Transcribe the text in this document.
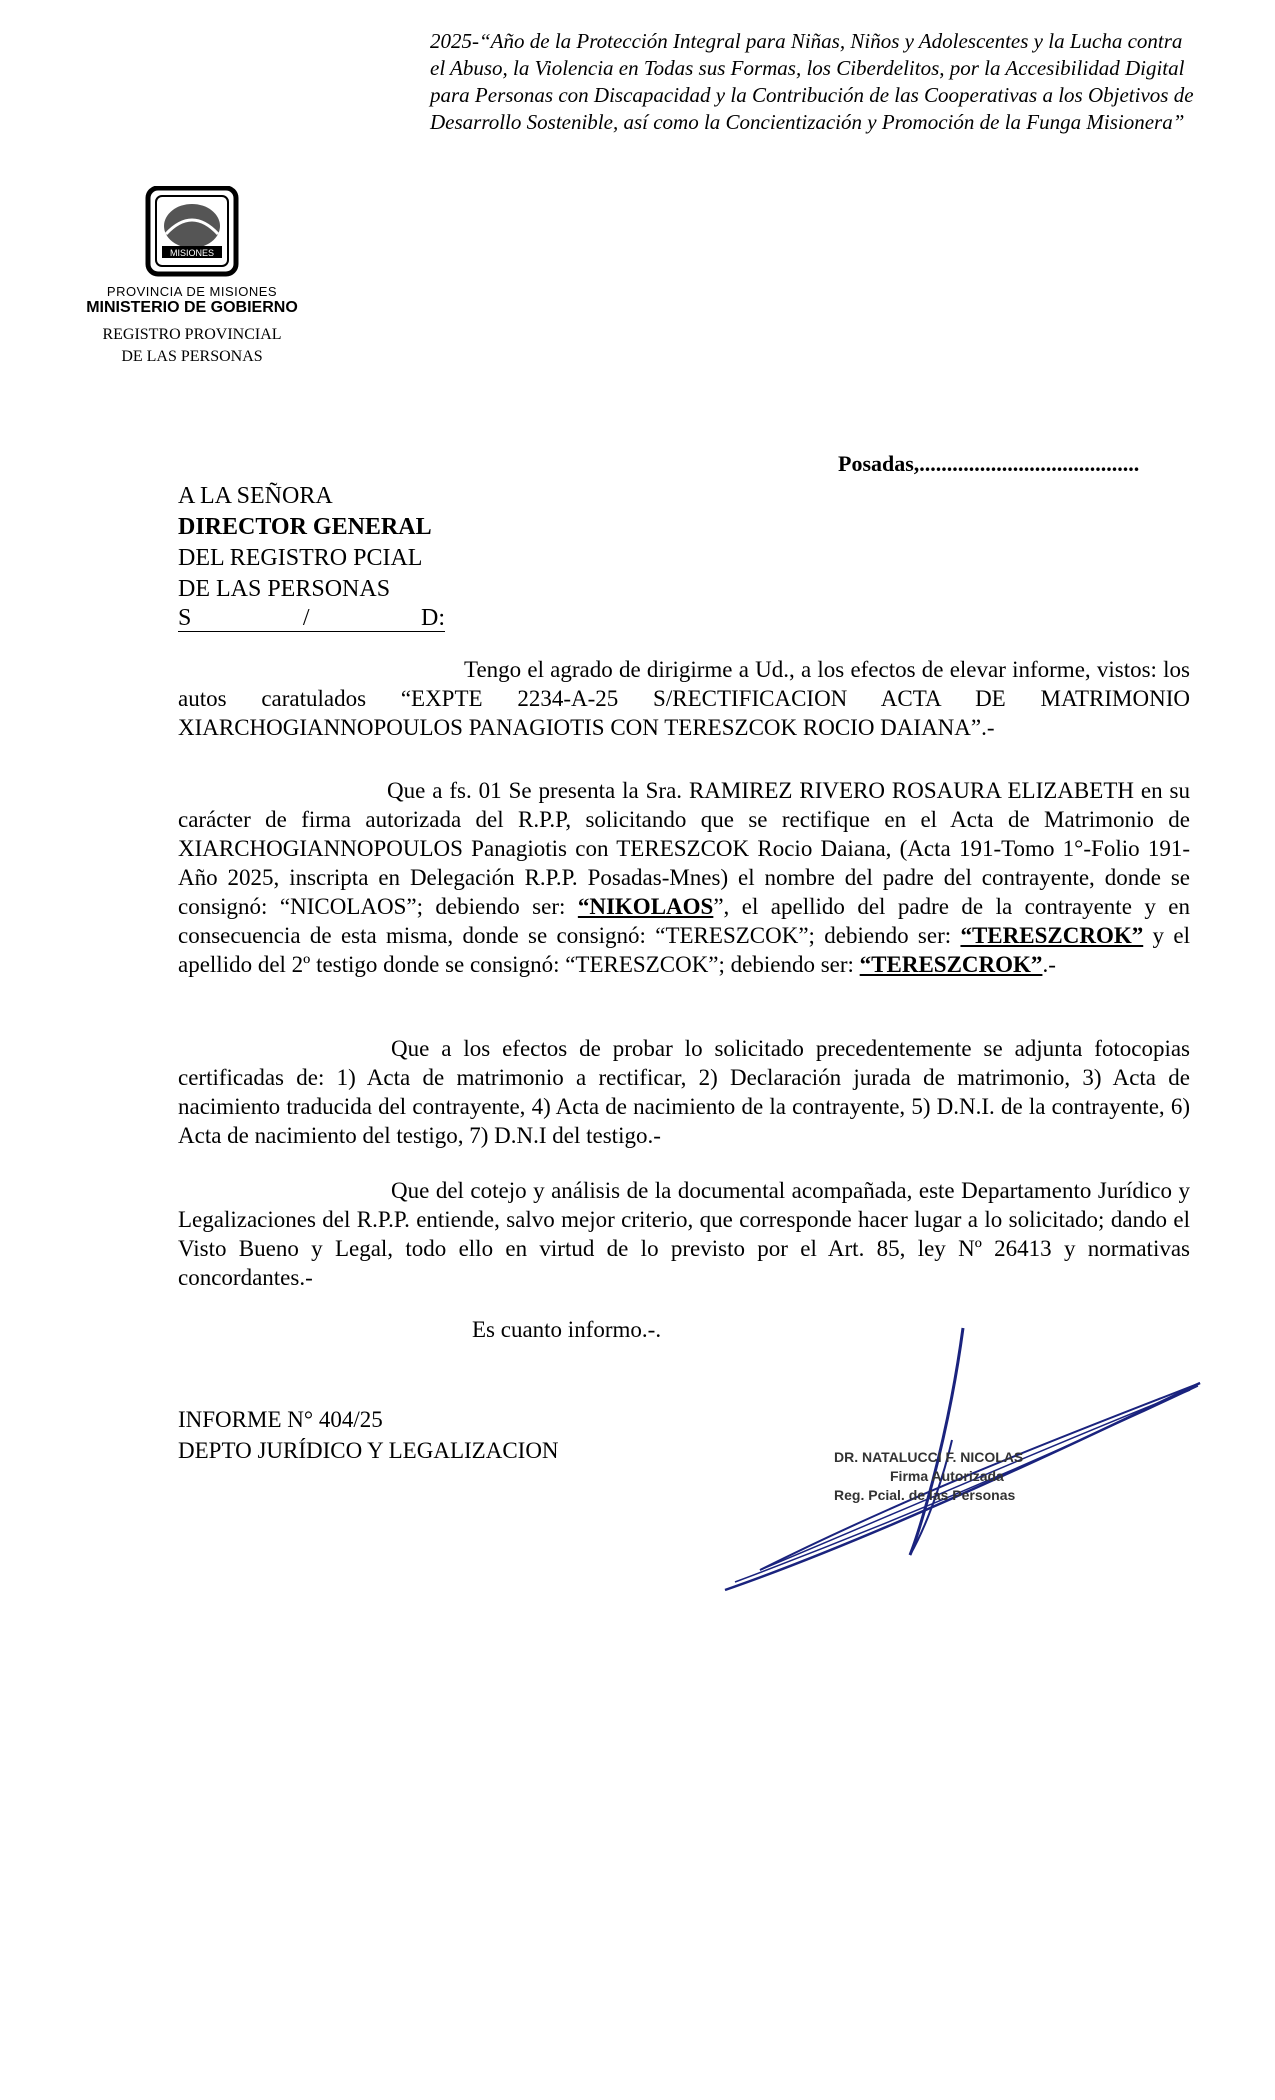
2025-“Año de la Protección Integral para Niñas, Niños y Adolescentes y la Lucha contra el Abuso, la Violencia en Todas sus Formas, los Ciberdelitos, por la Accesibilidad Digital para Personas con Discapacidad y la Contribución de las Cooperativas a los Objetivos de Desarrollo Sostenible, así como la Concientización y Promoción de la Funga Misionera”
MISIONES
PROVINCIA DE MISIONES
MINISTERIO DE GOBIERNO
REGISTRO PROVINCIAL
DE LAS PERSONAS
Posadas,........................................
A LA SEÑORA
DIRECTOR GENERAL
DEL REGISTRO PCIAL
DE LAS PERSONAS
S	/	D:
Tengo el agrado de dirigirme a Ud., a los efectos de elevar informe, vistos: los autos caratulados “EXPTE 2234-A-25 S/RECTIFICACION ACTA DE MATRIMONIO XIARCHOGIANNOPOULOS PANAGIOTIS CON TERESZCOK ROCIO DAIANA”.-
Que a fs. 01 Se presenta la Sra. RAMIREZ RIVERO ROSAURA ELIZABETH en su carácter de firma autorizada del R.P.P, solicitando que se rectifique en el Acta de Matrimonio de XIARCHOGIANNOPOULOS Panagiotis con TERESZCOK Rocio Daiana, (Acta 191-Tomo 1°-Folio 191-Año 2025, inscripta en Delegación R.P.P. Posadas-Mnes) el nombre del padre del contrayente, donde se consignó: “NICOLAOS”; debiendo ser: “NIKOLAOS”, el apellido del padre de la contrayente y en consecuencia de esta misma, donde se consignó: “TERESZCOK”; debiendo ser: “TERESZCROK” y el apellido del 2º testigo donde se consignó: “TERESZCOK”; debiendo ser: “TERESZCROK”.-
Que a los efectos de probar lo solicitado precedentemente se adjunta fotocopias certificadas de: 1) Acta de matrimonio a rectificar, 2) Declaración jurada de matrimonio, 3) Acta de nacimiento traducida del contrayente, 4) Acta de nacimiento de la contrayente, 5) D.N.I. de la contrayente, 6) Acta de nacimiento del testigo, 7) D.N.I del testigo.-
Que del cotejo y análisis de la documental acompañada, este Departamento Jurídico y Legalizaciones del R.P.P. entiende, salvo mejor criterio, que corresponde hacer lugar a lo solicitado; dando el Visto Bueno y Legal, todo ello en virtud de lo previsto por el Art. 85, ley Nº 26413 y normativas concordantes.-
Es cuanto informo.-.
INFORME N° 404/25
DEPTO JURÍDICO Y LEGALIZACION	DR. NATALUCCI F. NICOLAS
Firma Autorizada
Reg. Pcial. de las Personas
